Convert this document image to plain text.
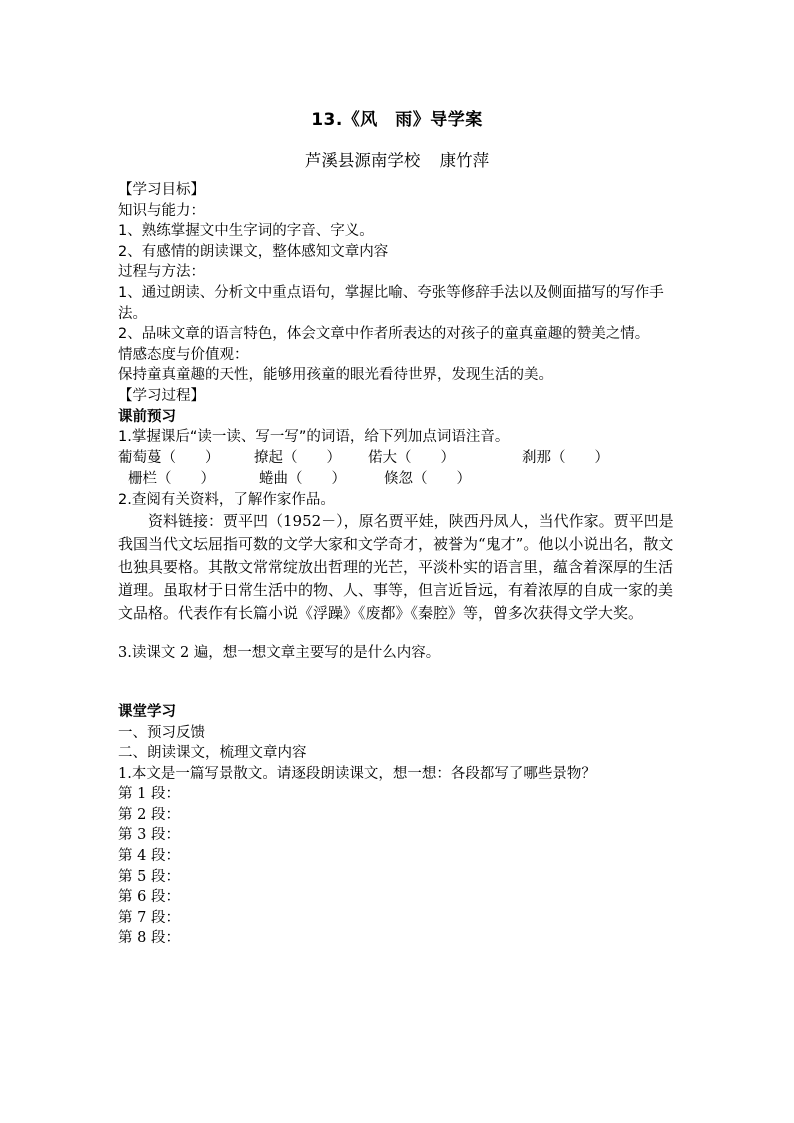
13.《风　雨》导学案
芦溪县源南学校 康竹萍
【学习目标】
知识与能力：
1、熟练掌握文中生字词的字音、字义。
2、有感情的朗读课文，整体感知文章内容
过程与方法：
1、通过朗读、分析文中重点语句，掌握比喻、夸张等修辞手法以及侧面描写的写作手法。
2、品味文章的语言特色，体会文章中作者所表达的对孩子的童真童趣的赞美之情。
情感态度与价值观：
保持童真童趣的天性，能够用孩童的眼光看待世界，发现生活的美。
【学习过程】
课前预习
1.掌握课后“读一读、写一写”的词语，给下列加点词语注音。
葡萄蔓（　　） 撩起（　　） 偌大（　　）	刹那（　　）
栅栏（　　）	蜷曲（　　）	倏忽（　　）
2.查阅有关资料，了解作家作品。

资料链接：贾平凹（1952－），原名贾平娃，陕西丹凤人，当代作家。贾平凹是我国当代文坛屈指可数的文学大家和文学奇才，被誉为“鬼才”。他以小说出名，散文也独具要格。其散文常常绽放出哲理的光芒，平淡朴实的语言里，蕴含着深厚的生活道理。虽取材于日常生活中的物、人、事等，但言近旨远，有着浓厚的自成一家的美文品格。代表作有长篇小说《浮躁》《废都》《秦腔》等，曾多次获得文学大奖。

3.读课文 2 遍，想一想文章主要写的是什么内容。
课堂学习
一、预习反馈
二、朗读课文，梳理文章内容
1.本文是一篇写景散文。请逐段朗读课文，想一想：各段都写了哪些景物？
第 1 段：
第 2 段：
第 3 段：
第 4 段：
第 5 段：
第 6 段：
第 7 段：
第 8 段：
